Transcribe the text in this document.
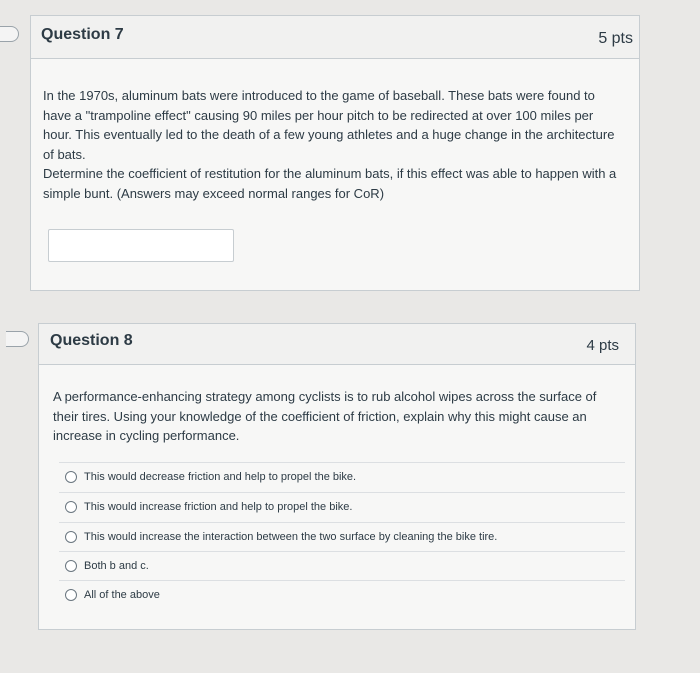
Question 7	5 pts

In the 1970s, aluminum bats were introduced to the game of baseball. These bats were found to have a "trampoline effect" causing 90 miles per hour pitch to be redirected at over 100 miles per hour. This eventually led to the death of a few young athletes and a huge change in the architecture of bats.

Determine the coefficient of restitution for the aluminum bats, if this effect was able to happen with a simple bunt. (Answers may exceed normal ranges for CoR)

Question 8	4 pts
A performance-enhancing strategy among cyclists is to rub alcohol wipes across the surface of their tires. Using your knowledge of the coefficient of friction, explain why this might cause an increase in cycling performance.
This would decrease friction and help to propel the bike.
This would increase friction and help to propel the bike.
This would increase the interaction between the two surface by cleaning the bike tire.
Both b and c.
All of the above
